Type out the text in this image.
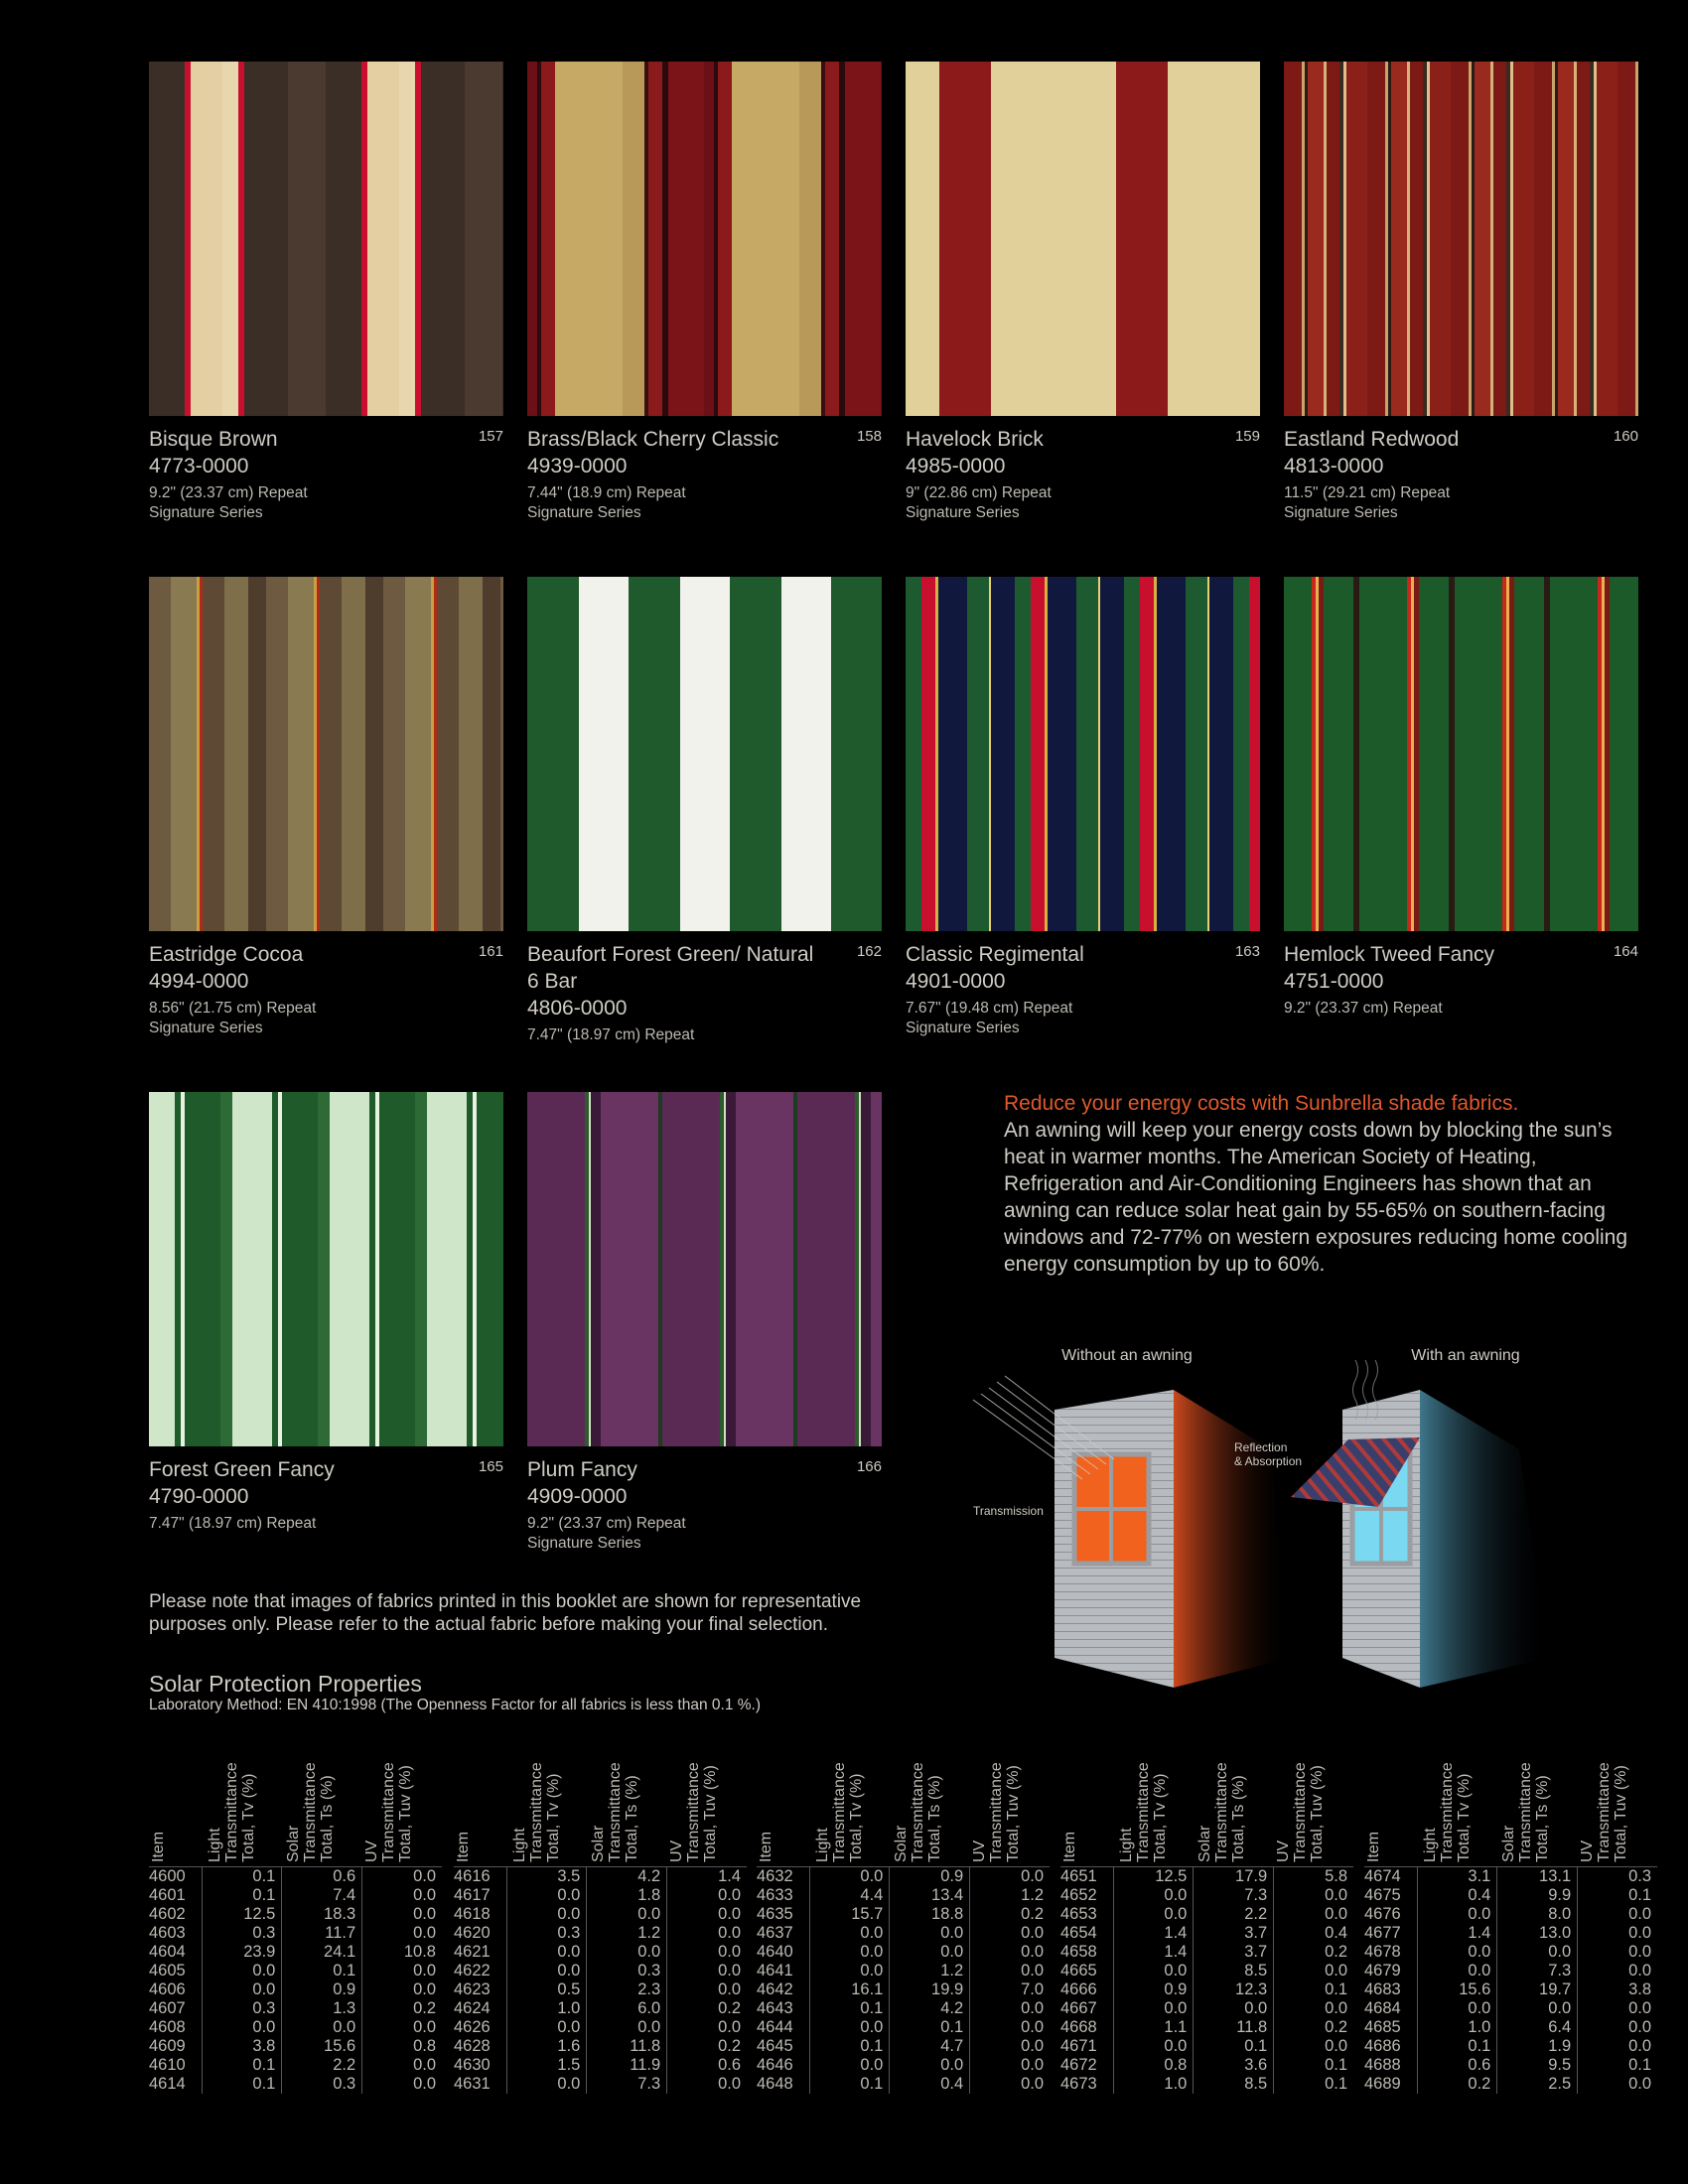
Bisque Brown	157
4773-0000
9.2" (23.37 cm) Repeat
Signature Series
Brass/Black Cherry Classic	158
4939-0000
7.44" (18.9 cm) Repeat
Signature Series
Havelock Brick	159
4985-0000
9" (22.86 cm) Repeat
Signature Series
Eastland Redwood	160
4813-0000
11.5" (29.21 cm) Repeat
Signature Series
Eastridge Cocoa	161
4994-0000
8.56" (21.75 cm) Repeat
Signature Series
Beaufort Forest Green/ Natural 6 Bar
162
4806-0000
7.47" (18.97 cm) Repeat
Classic Regimental	163
4901-0000
7.67" (19.48 cm) Repeat
Signature Series
Hemlock Tweed Fancy	164
4751-0000
9.2" (23.37 cm) Repeat
Forest Green Fancy	165
4790-0000
7.47" (18.97 cm) Repeat
Plum Fancy	166
4909-0000
9.2" (23.37 cm) Repeat
Signature Series
Reduce your energy costs with Sunbrella shade fabrics.
An awning will keep your energy costs down by blocking the sun’s heat in warmer months. The American Society of Heating, Refrigeration and Air-Conditioning Engineers has shown that an awning can reduce solar heat gain by 55-65% on southern-facing windows and 72-77% on western exposures reducing home cooling energy consumption by up to 60%.
Without an awning
Transmission
With an awning
Reflection
& Absorption
Please note that images of fabrics printed in this booklet are shown for representative purposes only. Please refer to the actual fabric before making your final selection.
Solar Protection Properties
Laboratory Method: EN 410:1998 (The Openness Factor for all fabrics is less than 0.1 %.)
Item	Light
Transmittance
Total, Tv (%)
Solar
Transmittance
Total, Ts (%)
UV
Transmittance
Total, Tuv (%)
4600	0.1	0.6	0.0
4601	0.1	7.4	0.0
4602	12.5	18.3	0.0
4603	0.3	11.7	0.0
4604	23.9	24.1	10.8
4605	0.0	0.1	0.0
4606	0.0	0.9	0.0
4607	0.3	1.3	0.2
4608	0.0	0.0	0.0
4609	3.8	15.6	0.8
4610	0.1	2.2	0.0
4614	0.1	0.3	0.0
Item	Light
Transmittance
Total, Tv (%)
Solar
Transmittance
Total, Ts (%)
UV
Transmittance
Total, Tuv (%)
4616	3.5	4.2	1.4
4617	0.0	1.8	0.0
4618	0.0	0.0	0.0
4620	0.3	1.2	0.0
4621	0.0	0.0	0.0
4622	0.0	0.3	0.0
4623	0.5	2.3	0.0
4624	1.0	6.0	0.2
4626	0.0	0.0	0.0
4628	1.6	11.8	0.2
4630	1.5	11.9	0.6
4631	0.0	7.3	0.0
Item	Light
Transmittance
Total, Tv (%)
Solar
Transmittance
Total, Ts (%)
UV
Transmittance
Total, Tuv (%)
4632	0.0	0.9	0.0
4633	4.4	13.4	1.2
4635	15.7	18.8	0.2
4637	0.0	0.0	0.0
4640	0.0	0.0	0.0
4641	0.0	1.2	0.0
4642	16.1	19.9	7.0
4643	0.1	4.2	0.0
4644	0.0	0.1	0.0
4645	0.1	4.7	0.0
4646	0.0	0.0	0.0
4648	0.1	0.4	0.0
Item	Light
Transmittance
Total, Tv (%)
Solar
Transmittance
Total, Ts (%)
UV
Transmittance
Total, Tuv (%)
4651	12.5	17.9	5.8
4652	0.0	7.3	0.0
4653	0.0	2.2	0.0
4654	1.4	3.7	0.4
4658	1.4	3.7	0.2
4665	0.0	8.5	0.0
4666	0.9	12.3	0.1
4667	0.0	0.0	0.0
4668	1.1	11.8	0.2
4671	0.0	0.1	0.0
4672	0.8	3.6	0.1
4673	1.0	8.5	0.1
Item	Light
Transmittance
Total, Tv (%)
Solar
Transmittance
Total, Ts (%)
UV
Transmittance
Total, Tuv (%)
4674	3.1	13.1	0.3
4675	0.4	9.9	0.1
4676	0.0	8.0	0.0
4677	1.4	13.0	0.0
4678	0.0	0.0	0.0
4679	0.0	7.3	0.0
4683	15.6	19.7	3.8
4684	0.0	0.0	0.0
4685	1.0	6.4	0.0
4686	0.1	1.9	0.0
4688	0.6	9.5	0.1
4689	0.2	2.5	0.0
